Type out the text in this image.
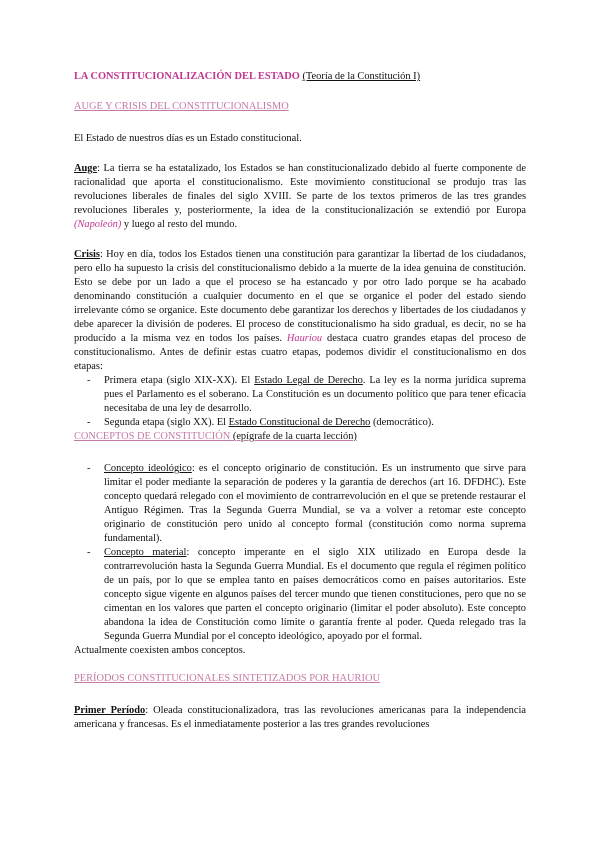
LA CONSTITUCIONALIZACIÓN DEL ESTADO (Teoría de la Constitución I)
AUGE Y CRISIS DEL CONSTITUCIONALISMO

El Estado de nuestros días es un Estado constitucional.

Auge: La tierra se ha estatalizado, los Estados se han constitucionalizado debido al fuerte componente de racionalidad que aporta el constitucionalismo. Este movimiento constitucional se produjo tras las revoluciones liberales de finales del siglo XVIII. Se parte de los textos primeros de las tres grandes revoluciones liberales y, posteriormente, la idea de la constitucionalización se extendió por Europa (Napoleón) y luego al resto del mundo.

Crisis: Hoy en día, todos los Estados tienen una constitución para garantizar la libertad de los ciudadanos, pero ello ha supuesto la crisis del constitucionalismo debido a la muerte de la idea genuina de constitución. Esto se debe por un lado a que el proceso se ha estancado y por otro lado porque se ha acabado denominando constitución a cualquier documento en el que se organice el poder del estado siendo irrelevante cómo se organice. Este documento debe garantizar los derechos y libertades de los ciudadanos y debe aparecer la división de poderes. El proceso de constitucionalismo ha sido gradual, es decir, no se ha producido a la misma vez en todos los países. Hauriou destaca cuatro grandes etapas del proceso de constitucionalismo. Antes de definir estas cuatro etapas, podemos dividir el constitucionalismo en dos etapas:

- Primera etapa (siglo XIX-XX). El Estado Legal de Derecho. La ley es la norma jurídica suprema pues el Parlamento es el soberano. La Constitución es un documento político que para tener eficacia necesitaba de una ley de desarrollo.
- Segunda etapa (siglo XX). El Estado Constitucional de Derecho (democrático).
CONCEPTOS DE CONSTITUCIÓN (epígrafe de la cuarta lección)
- Concepto ideológico: es el concepto originario de constitución. Es un instrumento que sirve para limitar el poder mediante la separación de poderes y la garantía de derechos (art 16. DFDHC). Este concepto quedará relegado con el movimiento de contrarrevolución en el que se pretende restaurar el Antiguo Régimen. Tras la Segunda Guerra Mundial, se va a volver a retomar este concepto originario de constitución pero unido al concepto formal (constitución como norma suprema fundamental).
- Concepto material: concepto imperante en el siglo XIX utilizado en Europa desde la contrarrevolución hasta la Segunda Guerra Mundial. Es el documento que regula el régimen político de un país, por lo que se emplea tanto en países democráticos como en países autoritarios. Este concepto sigue vigente en algunos países del tercer mundo que tienen constituciones, pero que no se cimentan en los valores que parten el concepto originario (limitar el poder absoluto). Este concepto abandona la idea de Constitución como límite o garantía frente al poder. Queda relegado tras la Segunda Guerra Mundial por el concepto ideológico, apoyado por el formal.

Actualmente coexisten ambos conceptos.

PERÍODOS CONSTITUCIONALES SINTETIZADOS POR HAURIOU

Primer Período: Oleada constitucionalizadora, tras las revoluciones americanas para la independencia americana y francesas. Es el inmediatamente posterior a las tres grandes revoluciones
